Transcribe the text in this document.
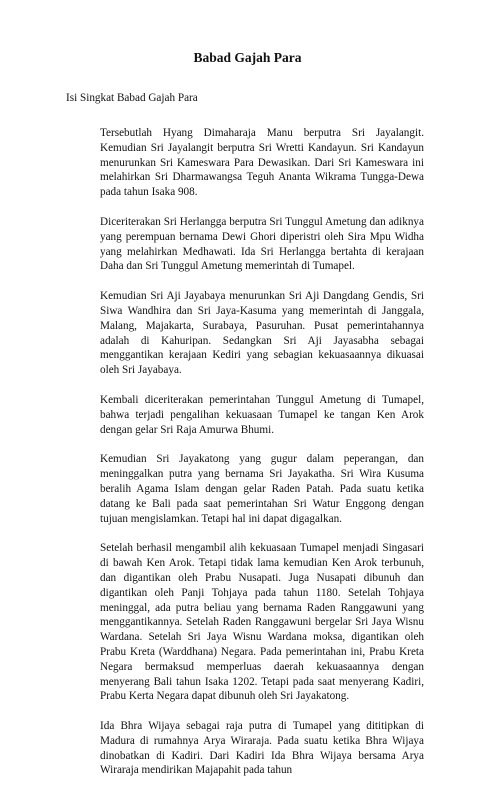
Babad Gajah Para
Isi Singkat Babad Gajah Para

Tersebutlah Hyang Dimaharaja Manu berputra Sri Jayalangit. Kemudian Sri Jayalangit berputra Sri Wretti Kandayun. Sri Kandayun menurunkan Sri Kameswara Para Dewasikan. Dari Sri Kameswara ini melahirkan Sri Dharmawangsa Teguh Ananta Wikrama Tungga-Dewa pada tahun Isaka 908.

Diceriterakan Sri Herlangga berputra Sri Tunggul Ametung dan adiknya yang perempuan bernama Dewi Ghori diperistri oleh Sira Mpu Widha yang melahirkan Medhawati. Ida Sri Herlangga bertahta di kerajaan Daha dan Sri Tunggul Ametung memerintah di Tumapel.

Kemudian Sri Aji Jayabaya menurunkan Sri Aji Dangdang Gendis, Sri Siwa Wandhira dan Sri Jaya-Kasuma yang memerintah di Janggala, Malang, Majakarta, Surabaya, Pasuruhan. Pusat pemerintahannya adalah di Kahuripan. Sedangkan Sri Aji Jayasabha sebagai menggantikan kerajaan Kediri yang sebagian kekuasaannya dikuasai oleh Sri Jayabaya.

Kembali diceriterakan pemerintahan Tunggul Ametung di Tumapel, bahwa terjadi pengalihan kekuasaan Tumapel ke tangan Ken Arok dengan gelar Sri Raja Amurwa Bhumi.

Kemudian Sri Jayakatong yang gugur dalam peperangan, dan meninggalkan putra yang bernama Sri Jayakatha. Sri Wira Kusuma beralih Agama Islam dengan gelar Raden Patah. Pada suatu ketika datang ke Bali pada saat pemerintahan Sri Watur Enggong dengan tujuan mengislamkan. Tetapi hal ini dapat digagalkan.

Setelah berhasil mengambil alih kekuasaan Tumapel menjadi Singasari di bawah Ken Arok. Tetapi tidak lama kemudian Ken Arok terbunuh, dan digantikan oleh Prabu Nusapati. Juga Nusapati dibunuh dan digantikan oleh Panji Tohjaya pada tahun 1180. Setelah Tohjaya meninggal, ada putra beliau yang bernama Raden Ranggawuni yang menggantikannya. Setelah Raden Ranggawuni bergelar Sri Jaya Wisnu Wardana. Setelah Sri Jaya Wisnu Wardana moksa, digantikan oleh Prabu Kreta (Warddhana) Negara. Pada pemerintahan ini, Prabu Kreta Negara bermaksud memperluas daerah kekuasaannya dengan menyerang Bali tahun Isaka 1202. Tetapi pada saat menyerang Kadiri, Prabu Kerta Negara dapat dibunuh oleh Sri Jayakatong.

Ida Bhra Wijaya sebagai raja putra di Tumapel yang dititipkan di Madura di rumahnya Arya Wiraraja. Pada suatu ketika Bhra Wijaya dinobatkan di Kadiri. Dari Kadiri Ida Bhra Wijaya bersama Arya Wiraraja mendirikan Majapahit pada tahun
